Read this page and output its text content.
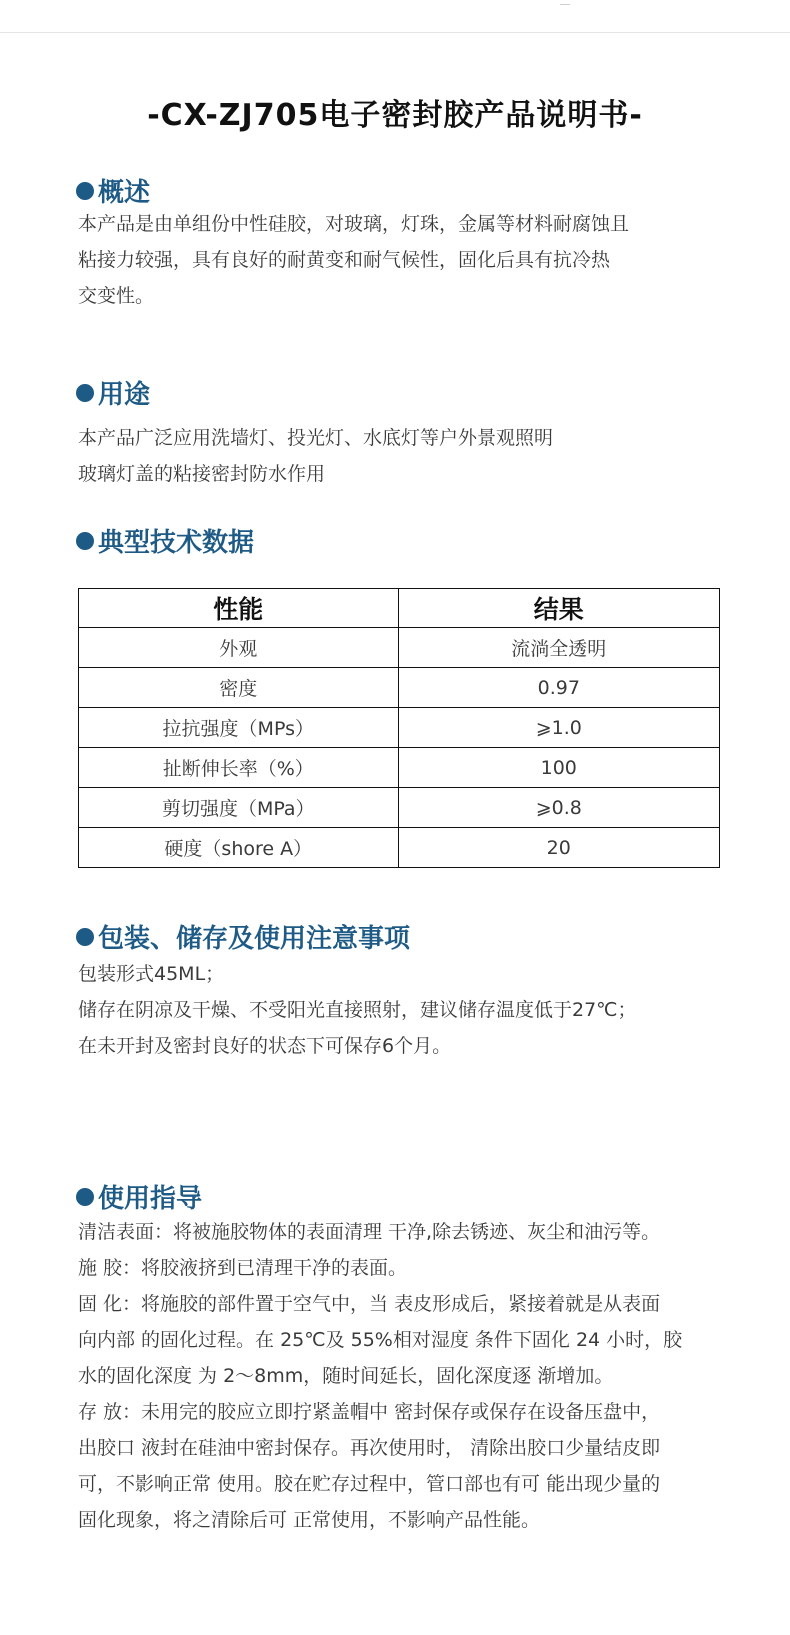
-CX-ZJ705电子密封胶产品说明书-
概述
本产品是由单组份中性硅胶，对玻璃，灯珠，金属等材料耐腐蚀且
粘接力较强，具有良好的耐黄变和耐气候性，固化后具有抗冷热
交变性。
用途
本产品广泛应用洗墙灯、投光灯、水底灯等户外景观照明
玻璃灯盖的粘接密封防水作用
典型技术数据
性能	结果
外观	流淌全透明
密度	0.97
拉抗强度（MPs）	⩾1.0
扯断伸长率（%）	100
剪切强度（MPa）	⩾0.8
硬度（shore A）	20
包装、储存及使用注意事项
包装形式45ML；
储存在阴凉及干燥、不受阳光直接照射，建议储存温度低于27℃；
在未开封及密封良好的状态下可保存6个月。
使用指导
清洁表面：将被施胶物体的表面清理 干净,除去锈迹、灰尘和油污等。
施 胶：将胶液挤到已清理干净的表面。
固 化：将施胶的部件置于空气中，当 表皮形成后，紧接着就是从表面
向内部 的固化过程。在 25℃及 55%相对湿度 条件下固化 24 小时，胶
水的固化深度 为 2〜8mm，随时间延长，固化深度逐 渐增加。
存 放：未用完的胶应立即拧紧盖帽中 密封保存或保存在设备压盘中，
出胶口 液封在硅油中密封保存。再次使用时， 清除出胶口少量结皮即
可，不影响正常 使用。胶在贮存过程中，管口部也有可 能出现少量的
固化现象，将之清除后可 正常使用，不影响产品性能。
